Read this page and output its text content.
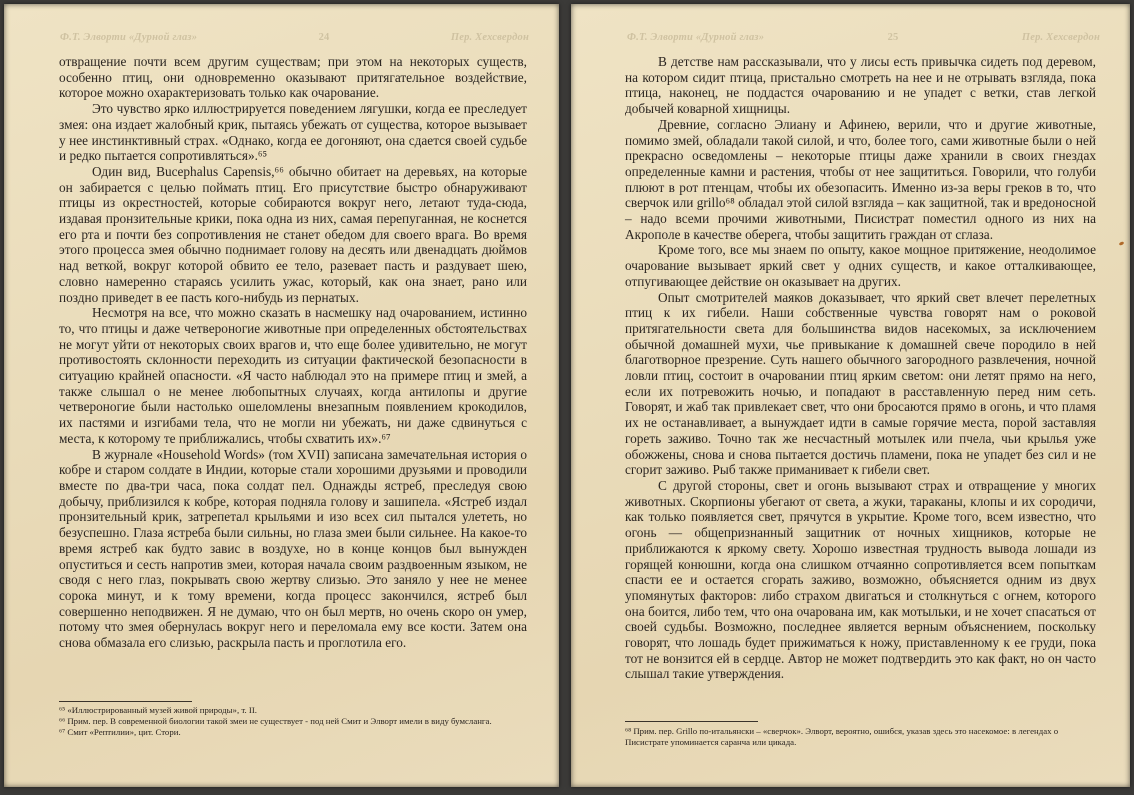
Ф.Т. Элворти «Дурной глаз»	24	Пер. Хехсвердон

отвращение почти всем другим существам; при этом на некоторых существ, особенно птиц, они одновременно оказывают притягательное воздействие, которое можно охарактеризовать только как очарование.

Это чувство ярко иллюстрируется поведением лягушки, когда ее преследует змея: она издает жалобный крик, пытаясь убежать от существа, которое вызывает у нее инстинктивный страх. «Однако, когда ее догоняют, она сдается своей судьбе и редко пытается сопротивляться».⁶⁵

Один вид, Bucephalus Capensis,⁶⁶ обычно обитает на деревьях, на которые он забирается с целью поймать птиц. Его присутствие быстро обнаруживают птицы из окрестностей, которые собираются вокруг него, летают туда-сюда, издавая пронзительные крики, пока одна из них, самая перепуганная, не коснется его рта и почти без сопротивления не станет обедом для своего врага. Во время этого процесса змея обычно поднимает голову на десять или двенадцать дюймов над веткой, вокруг которой обвито ее тело, разевает пасть и раздувает шею, словно намеренно стараясь усилить ужас, который, как она знает, рано или поздно приведет в ее пасть кого-нибудь из пернатых.

Несмотря на все, что можно сказать в насмешку над очарованием, истинно то, что птицы и даже четвероногие животные при определенных обстоятельствах не могут уйти от некоторых своих врагов и, что еще более удивительно, не могут противостоять склонности переходить из ситуации фактической безопасности в ситуацию крайней опасности. «Я часто наблюдал это на примере птиц и змей, а также слышал о не менее любопытных случаях, когда антилопы и другие четвероногие были настолько ошеломлены внезапным появлением крокодилов, их пастями и изгибами тела, что не могли ни убежать, ни даже сдвинуться с места, к которому те приближались, чтобы схватить их».⁶⁷

В журнале «Household Words» (том XVII) записана замечательная история о кобре и старом солдате в Индии, которые стали хорошими друзьями и проводили вместе по два-три часа, пока солдат пел. Однажды ястреб, преследуя свою добычу, приблизился к кобре, которая подняла голову и зашипела. «Ястреб издал пронзительный крик, затрепетал крыльями и изо всех сил пытался улететь, но безуспешно. Глаза ястреба были сильны, но глаза змеи были сильнее. На какое-то время ястреб как будто завис в воздухе, но в конце концов был вынужден опуститься и сесть напротив змеи, которая начала своим раздвоенным языком, не сводя с него глаз, покрывать свою жертву слизью. Это заняло у нее не менее сорока минут, и к тому времени, когда процесс закончился, ястреб был совершенно неподвижен. Я не думаю, что он был мертв, но очень скоро он умер, потому что змея обернулась вокруг него и переломала ему все кости. Затем она снова обмазала его слизью, раскрыла пасть и проглотила его.

⁶⁵ «Иллюстрированный музей живой природы», т. II.

⁶⁶ Прим. пер. В современной биологии такой змеи не существует - под ней Смит и Элворт имели в виду бумсланга.

⁶⁷ Смит «Рептилии», цит. Стори.

Ф.Т. Элворти «Дурной глаз»	25	Пер. Хехсвердон

В детстве нам рассказывали, что у лисы есть привычка сидеть под деревом, на котором сидит птица, пристально смотреть на нее и не отрывать взгляда, пока птица, наконец, не поддастся очарованию и не упадет с ветки, став легкой добычей коварной хищницы.

Древние, согласно Элиану и Афинею, верили, что и другие животные, помимо змей, обладали такой силой, и что, более того, сами животные были о ней прекрасно осведомлены – некоторые птицы даже хранили в своих гнездах определенные камни и растения, чтобы от нее защититься. Говорили, что голуби плюют в рот птенцам, чтобы их обезопасить. Именно из-за веры греков в то, что сверчок или grillo⁶⁸ обладал этой силой взгляда – как защитной, так и вредоносной – надо всеми прочими животными, Писистрат поместил одного из них на Акрополе в качестве оберега, чтобы защитить граждан от сглаза.

Кроме того, все мы знаем по опыту, какое мощное притяжение, неодолимое очарование вызывает яркий свет у одних существ, и какое отталкивающее, отпугивающее действие он оказывает на других.

Опыт смотрителей маяков доказывает, что яркий свет влечет перелетных птиц к их гибели. Наши собственные чувства говорят нам о роковой притягательности света для большинства видов насекомых, за исключением обычной домашней мухи, чье привыкание к домашней свече породило в ней благотворное презрение. Суть нашего обычного загородного развлечения, ночной ловли птиц, состоит в очаровании птиц ярким светом: они летят прямо на него, если их потревожить ночью, и попадают в расставленную перед ним сеть. Говорят, и жаб так привлекает свет, что они бросаются прямо в огонь, и что пламя их не останавливает, а вынуждает идти в самые горячие места, порой заставляя гореть заживо. Точно так же несчастный мотылек или пчела, чьи крылья уже обожжены, снова и снова пытается достичь пламени, пока не упадет без сил и не сгорит заживо. Рыб также приманивает к гибели свет.

С другой стороны, свет и огонь вызывают страх и отвращение у многих животных. Скорпионы убегают от света, а жуки, тараканы, клопы и их сородичи, как только появляется свет, прячутся в укрытие. Кроме того, всем известно, что огонь — общепризнанный защитник от ночных хищников, которые не приближаются к яркому свету. Хорошо известная трудность вывода лошади из горящей конюшни, когда она слишком отчаянно сопротивляется всем попыткам спасти ее и остается сгорать заживо, возможно, объясняется одним из двух упомянутых факторов: либо страхом двигаться и столкнуться с огнем, которого она боится, либо тем, что она очарована им, как мотыльки, и не хочет спасаться от своей судьбы. Возможно, последнее является верным объяснением, поскольку говорят, что лошадь будет прижиматься к ножу, приставленному к ее груди, пока тот не вонзится ей в сердце. Автор не может подтвердить это как факт, но он часто слышал такие утверждения.

⁶⁸ Прим. пер. Grillo по-итальянски – «сверчок». Элворт, вероятно, ошибся, указав здесь это насекомое: в легендах о Писистрате упоминается саранча или цикада.
